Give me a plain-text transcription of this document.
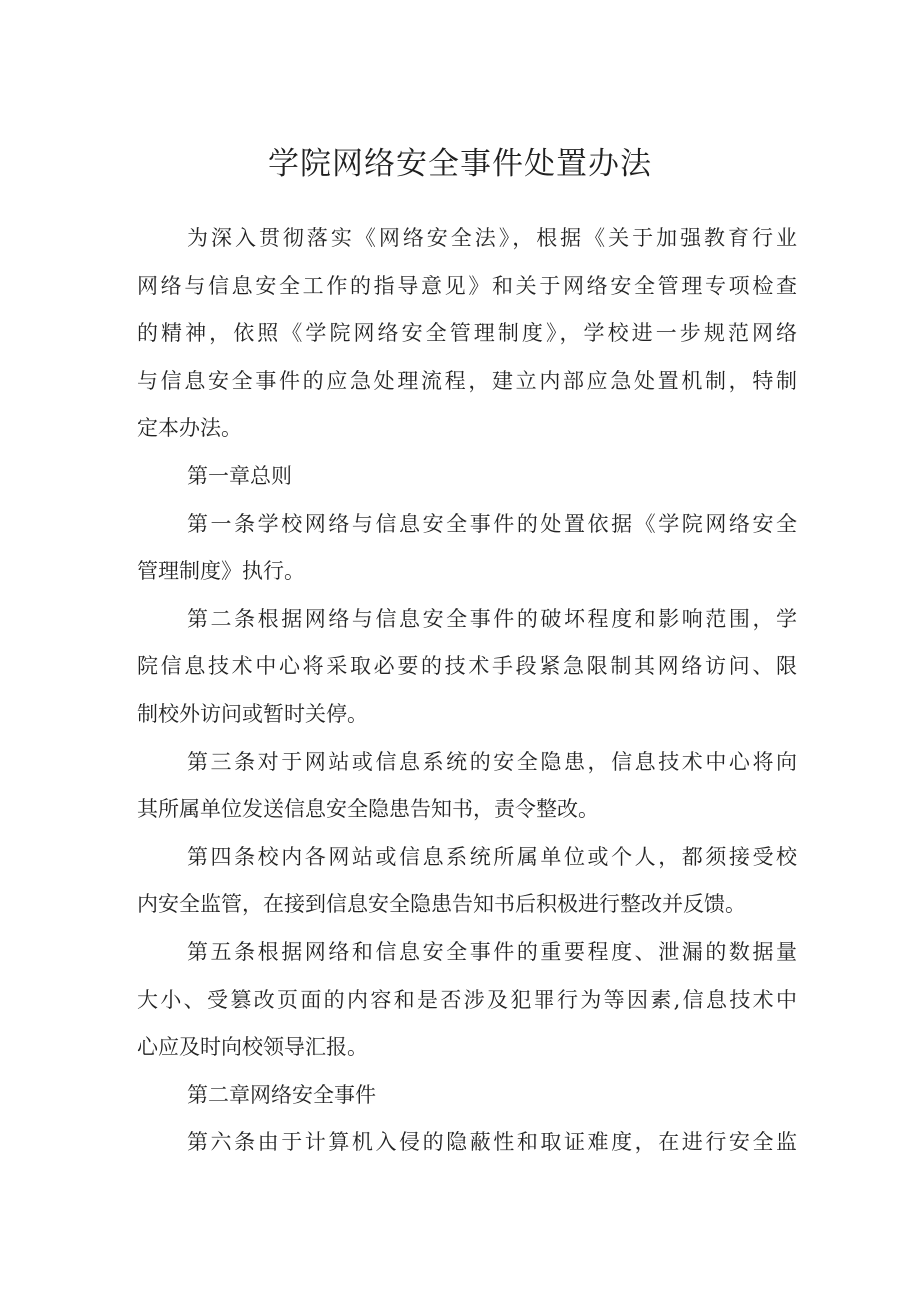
学院网络安全事件处置办法

为深入贯彻落实《网络安全法》，根据《关于加强教育行业
网络与信息安全工作的指导意见》和关于网络安全管理专项检查
的精神，依照《学院网络安全管理制度》，学校进一步规范网络
与信息安全事件的应急处理流程，建立内部应急处置机制，特制
定本办法。

第一章总则

第一条学校网络与信息安全事件的处置依据《学院网络安全
管理制度》执行。

第二条根据网络与信息安全事件的破坏程度和影响范围，学
院信息技术中心将采取必要的技术手段紧急限制其网络访问、限
制校外访问或暂时关停。

第三条对于网站或信息系统的安全隐患，信息技术中心将向
其所属单位发送信息安全隐患告知书，责令整改。

第四条校内各网站或信息系统所属单位或个人，都须接受校
内安全监管，在接到信息安全隐患告知书后积极进行整改并反馈。

第五条根据网络和信息安全事件的重要程度、泄漏的数据量
大小、受篡改页面的内容和是否涉及犯罪行为等因素,信息技术中
心应及时向校领导汇报。

第二章网络安全事件

第六条由于计算机入侵的隐蔽性和取证难度，在进行安全监
